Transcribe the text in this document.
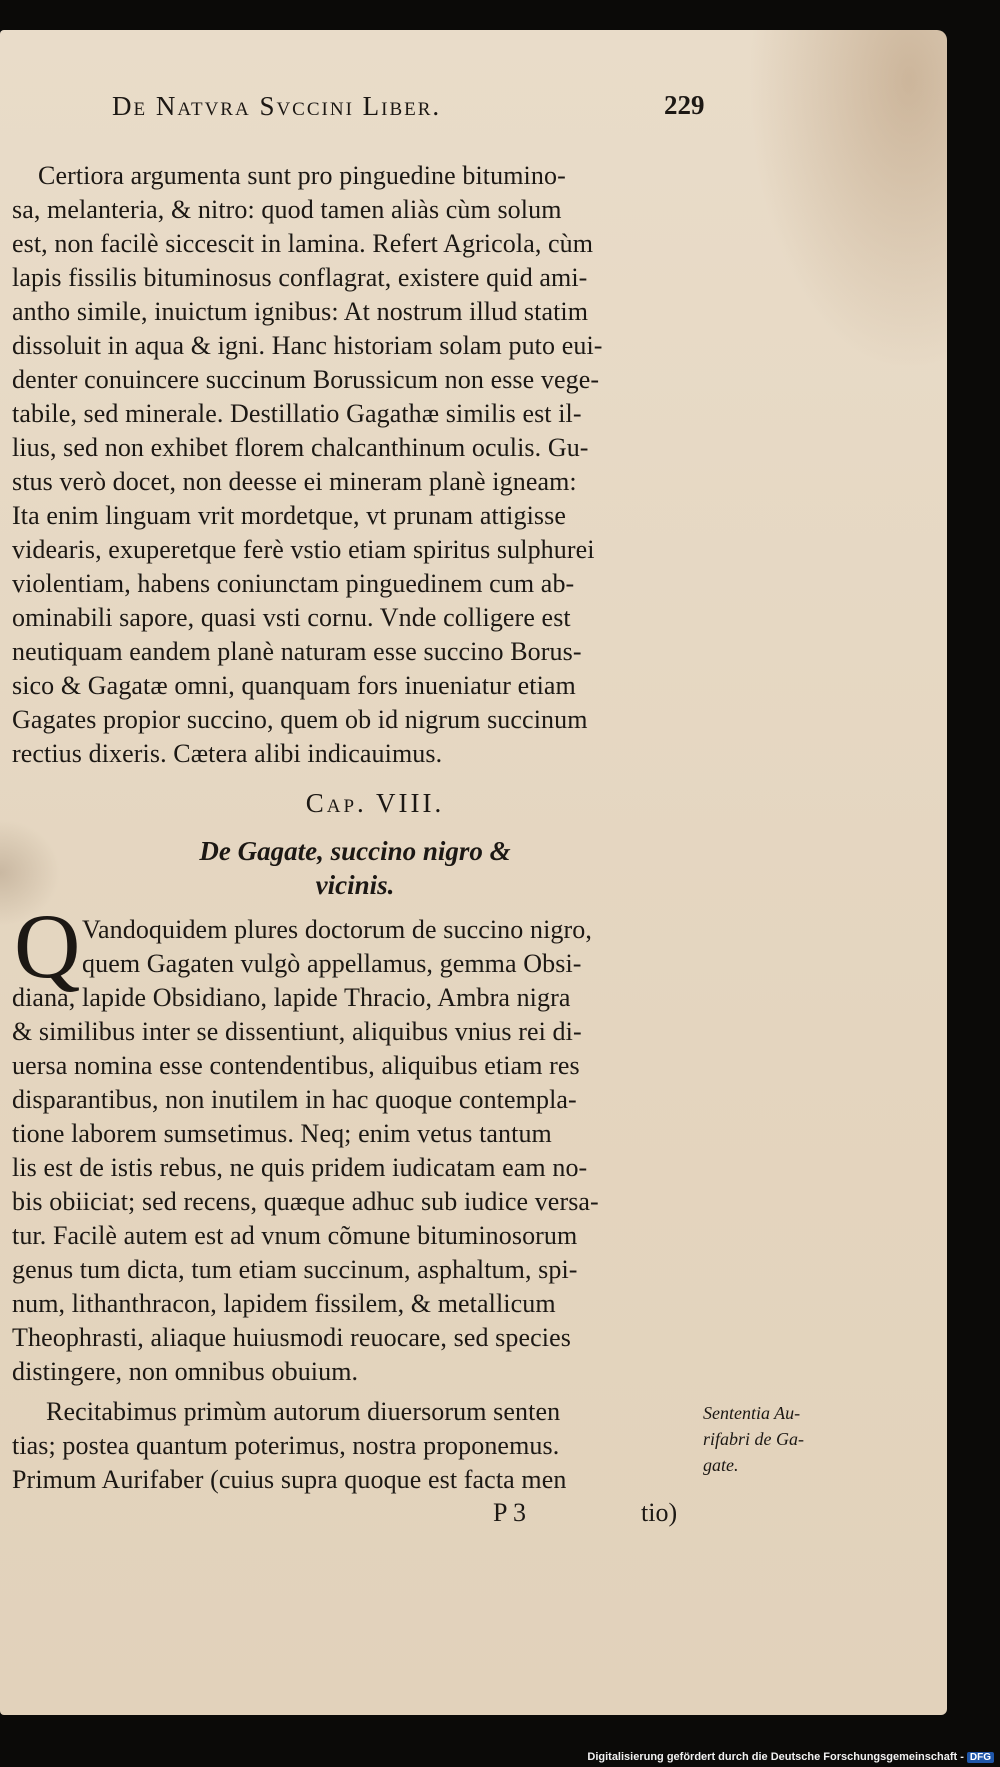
De Natvra Svccini Liber.	229
Certiora argumenta sunt pro pinguedine bitumino-
sa, melanteria, & nitro: quod tamen aliàs cùm solum
est, non facilè siccescit in lamina. Refert Agricola, cùm
lapis fissilis bituminosus conflagrat, existere quid ami-
antho simile, inuictum ignibus: At nostrum illud statim
dissoluit in aqua & igni. Hanc historiam solam puto eui-
denter conuincere succinum Borussicum non esse vege-
tabile, sed minerale. Destillatio Gagathæ similis est il-
lius, sed non exhibet florem chalcanthinum oculis. Gu-
stus verò docet, non deesse ei mineram planè igneam:
Ita enim linguam vrit mordetque, vt prunam attigisse
videaris, exuperetque ferè vstio etiam spiritus sulphurei
violentiam, habens coniunctam pinguedinem cum ab-
ominabili sapore, quasi vsti cornu. Vnde colligere est
neutiquam eandem planè naturam esse succino Borus-
sico & Gagatæ omni, quanquam fors inueniatur etiam
Gagates propior succino, quem ob id nigrum succinum
rectius dixeris. Cætera alibi indicauimus.
Cap. VIII.
De Gagate, succino nigro &
vicinis.
Q Vandoquidem plures doctorum de succino nigro,
quem Gagaten vulgò appellamus, gemma Obsi-
diana, lapide Obsidiano, lapide Thracio, Ambra nigra
& similibus inter se dissentiunt, aliquibus vnius rei di-
uersa nomina esse contendentibus, aliquibus etiam res
disparantibus, non inutilem in hac quoque contempla-
tione laborem sumsetimus. Neq; enim vetus tantum
lis est de istis rebus, ne quis pridem iudicatam eam no-
bis obiiciat; sed recens, quæque adhuc sub iudice versa-
tur. Facilè autem est ad vnum cõmune bituminosorum
genus tum dicta, tum etiam succinum, asphaltum, spi-
num, lithanthracon, lapidem fissilem, & metallicum
Theophrasti, aliaque huiusmodi reuocare, sed species
distingere, non omnibus obuium.
Recitabimus primùm autorum diuersorum senten
tias; postea quantum poterimus, nostra proponemus.
Primum Aurifaber (cuius supra quoque est facta men
Sententia Au-
rifabri de Ga-
gate.
P 3	tio)
Digitalisierung gefördert durch die Deutsche Forschungsgemeinschaft - DFG
